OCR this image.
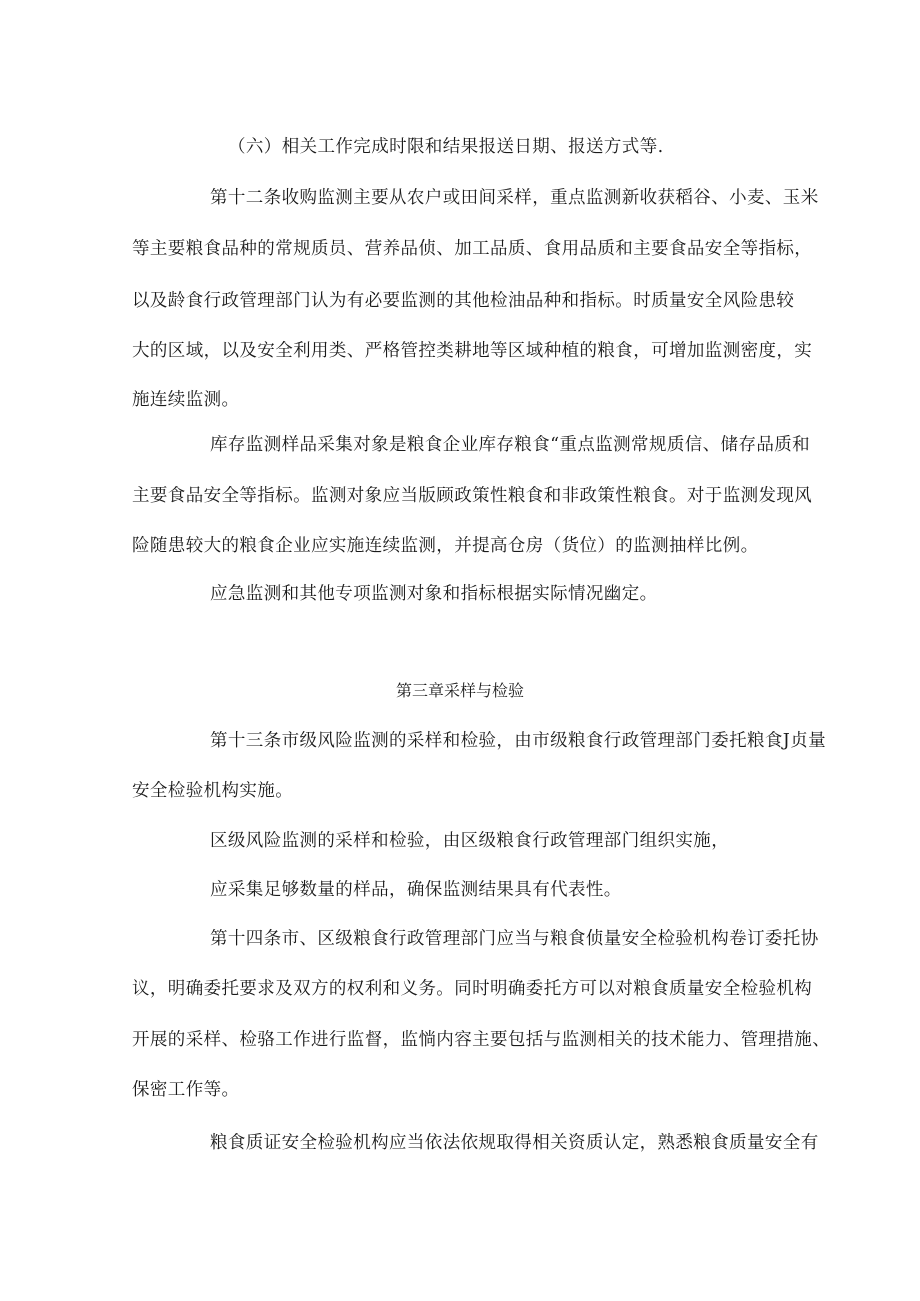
（六）相关工作完成时限和结果报送日期、报送方式等.
第十二条收购监测主要从农户或田间采样，重点监测新收获稻谷、小麦、玉米
等主要粮食品种的常规质员、营养品侦、加工品质、食用品质和主要食品安全等指标，
以及龄食行政管理部门认为有必要监测的其他检油品种和指标。时质量安全风险患较
大的区域，以及安全利用类、严格管控类耕地等区域种植的粮食，可增加监测密度，实
施连续监测。
库存监测样品采集对象是粮食企业库存粮食“重点监测常规质信、储存品质和
主要食品安全等指标。监测对象应当版顾政策性粮食和非政策性粮食。对于监测发现风
险随患较大的粮食企业应实施连续监测，并提高仓房（货位）的监测抽样比例。
应急监测和其他专项监测对象和指标根据实际情况幽定。
第三章采样与检验
第十三条市级风险监测的采样和检验，由市级粮食行政管理部门委托粮食J贞量
安全检验机构实施。
区级风险监测的采样和检验，由区级粮食行政管理部门组织实施，
应采集足够数量的样品，确保监测结果具有代表性。
第十四条市、区级粮食行政管理部门应当与粮食侦量安全检验机构卷订委托协
议，明确委托要求及双方的权利和义务。同时明确委托方可以对粮食质量安全检验机构
开展的采样、检骆工作进行监督，监惝内容主要包括与监测相关的技术能力、管理措施、
保密工作等。
粮食质证安全检验机构应当依法依规取得相关资质认定，熟悉粮食质量安全有
